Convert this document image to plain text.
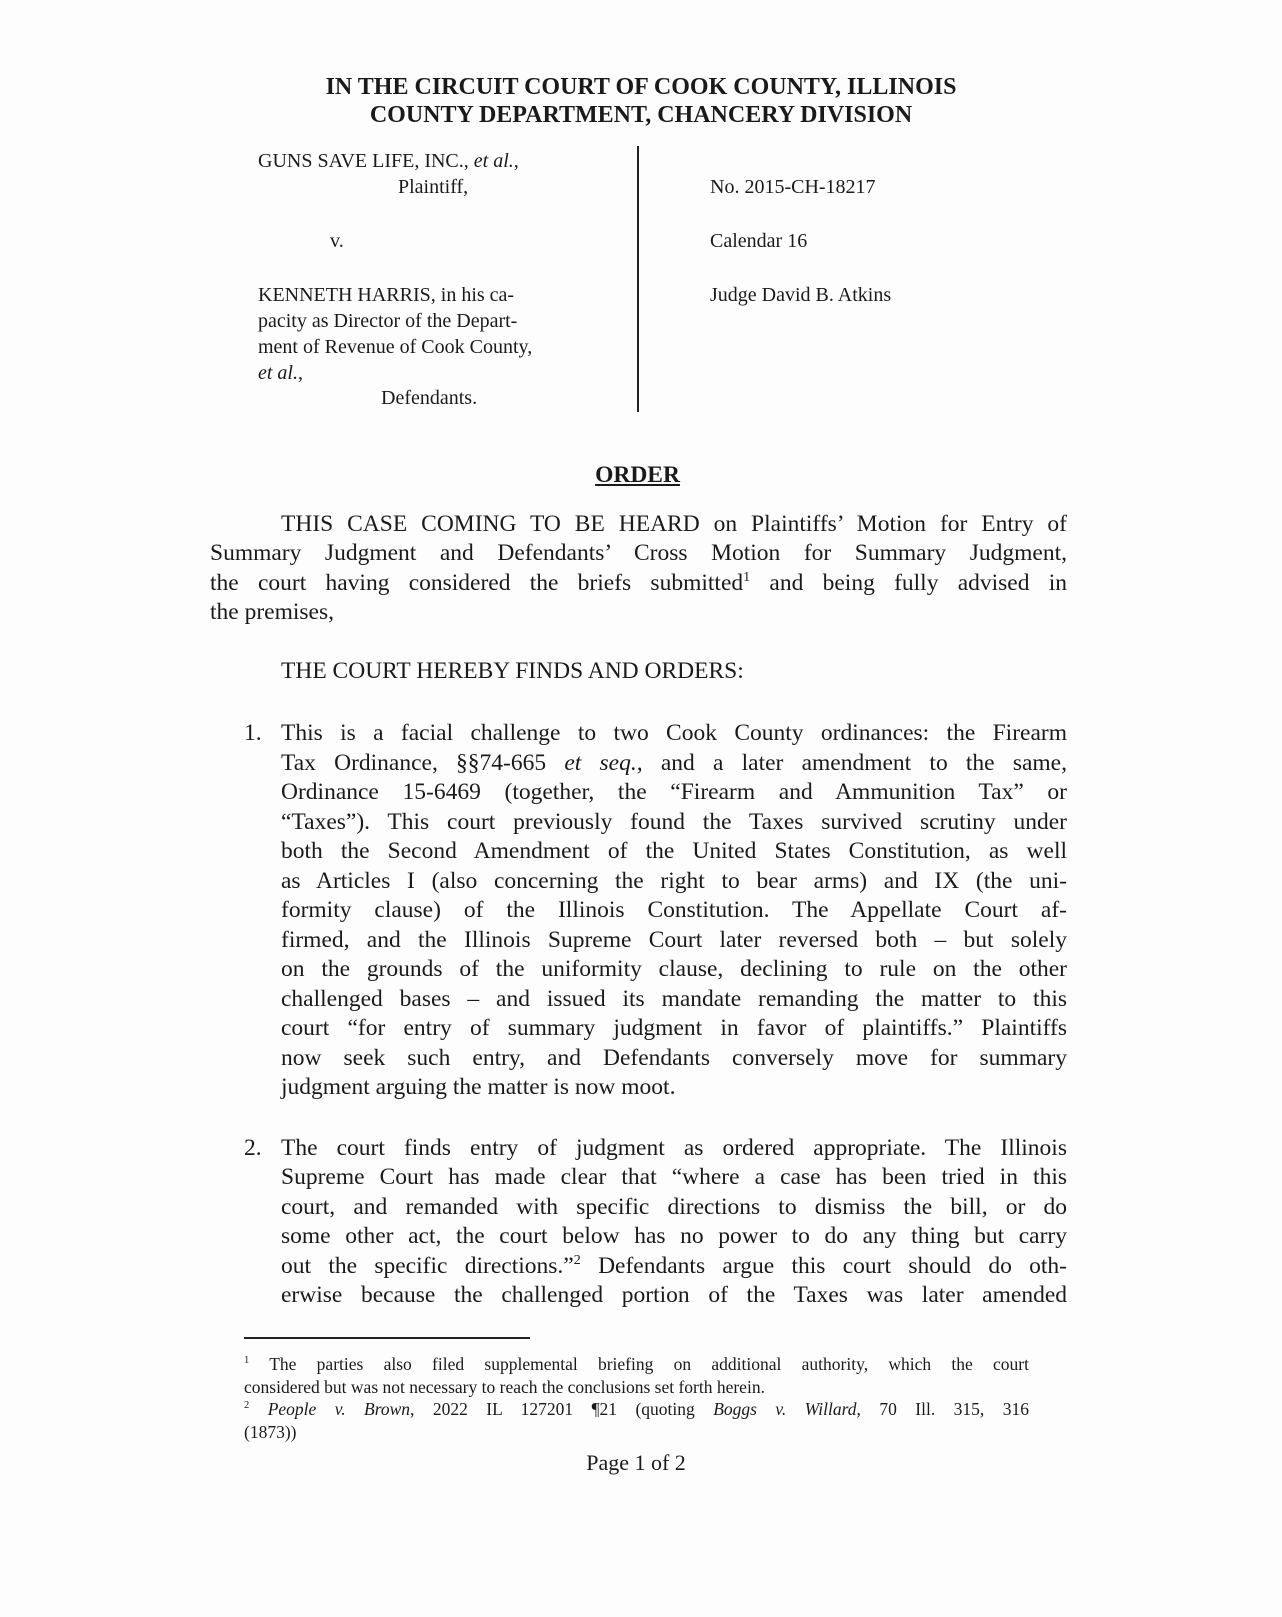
IN THE CIRCUIT COURT OF COOK COUNTY, ILLINOIS
COUNTY DEPARTMENT, CHANCERY DIVISION
GUNS SAVE LIFE, INC., et al.,
Plaintiff,
v.
KENNETH HARRIS, in his ca-
pacity as Director of the Depart-
ment of Revenue of Cook County,
et al.,
Defendants.
No. 2015-CH-18217
Calendar 16
Judge David B. Atkins
ORDER
THIS CASE COMING TO BE HEARD on Plaintiffs’ Motion for Entry of
Summary Judgment and Defendants’ Cross Motion for Summary Judgment,
the court having considered the briefs submitted$^1$ and being fully advised in
the premises,
THE COURT HEREBY FINDS AND ORDERS:
1. This is a facial challenge to two Cook County ordinances: the Firearm
Tax Ordinance, §§74-665 et seq., and a later amendment to the same,
Ordinance 15-6469 (together, the “Firearm and Ammunition Tax” or
“Taxes”). This court previously found the Taxes survived scrutiny under
both the Second Amendment of the United States Constitution, as well
as Articles I (also concerning the right to bear arms) and IX (the uni-
formity clause) of the Illinois Constitution. The Appellate Court af-
firmed, and the Illinois Supreme Court later reversed both – but solely
on the grounds of the uniformity clause, declining to rule on the other
challenged bases – and issued its mandate remanding the matter to this
court “for entry of summary judgment in favor of plaintiffs.” Plaintiffs
now seek such entry, and Defendants conversely move for summary
judgment arguing the matter is now moot.
2. The court finds entry of judgment as ordered appropriate. The Illinois
Supreme Court has made clear that “where a case has been tried in this
court, and remanded with specific directions to dismiss the bill, or do
some other act, the court below has no power to do any thing but carry
out the specific directions.”$^2$ Defendants argue this court should do oth-
erwise because the challenged portion of the Taxes was later amended
$^1$ The parties also filed supplemental briefing on additional authority, which the court
considered but was not necessary to reach the conclusions set forth herein.
$^2$ People v. Brown, 2022 IL 127201 ¶21 (quoting Boggs v. Willard, 70 Ill. 315, 316
(1873))
Page 1 of 2
